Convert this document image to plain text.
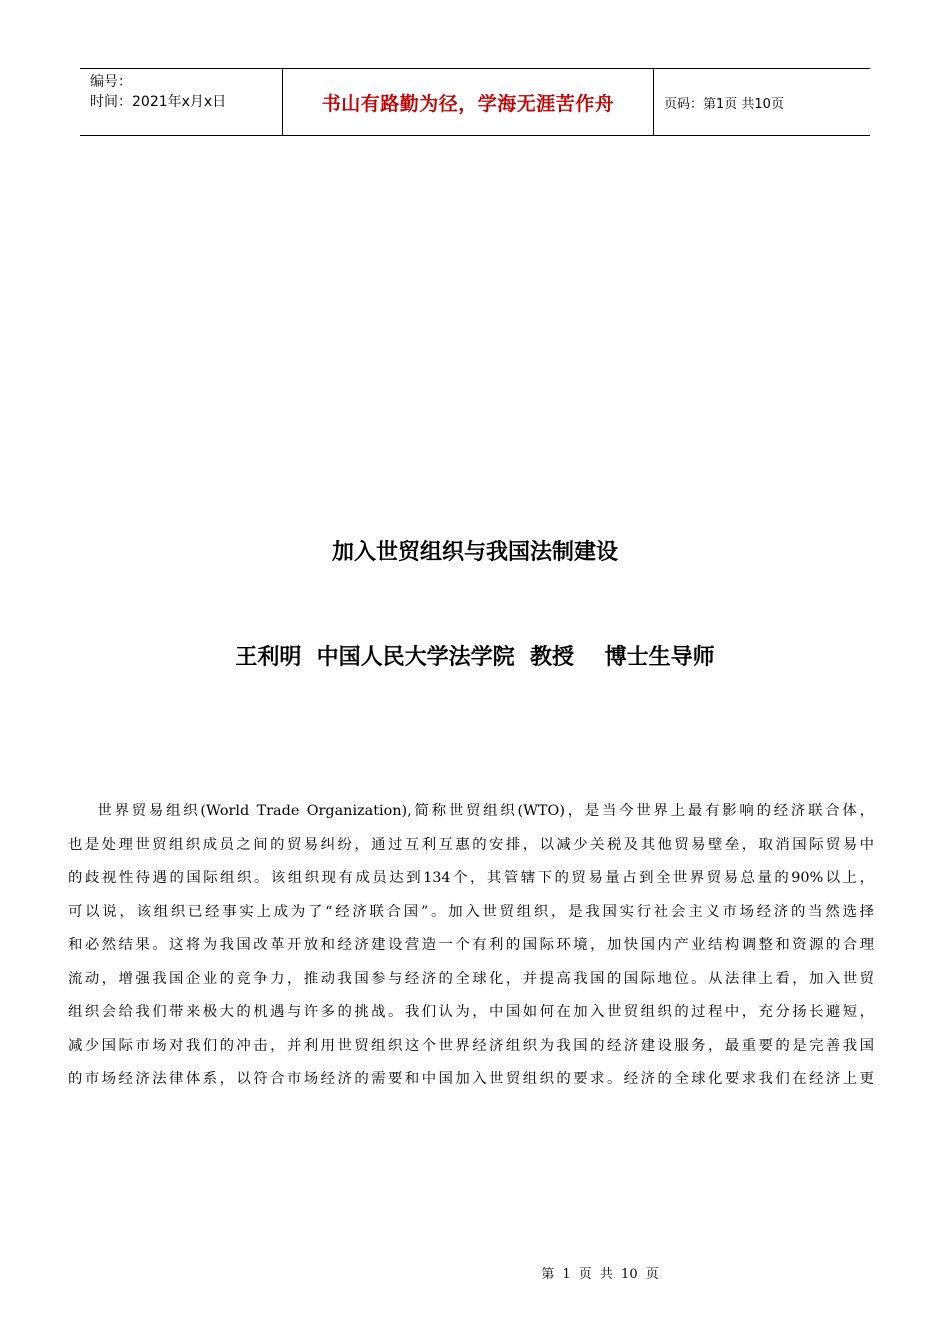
编号：
时间：2021年x月x日	书山有路勤为径，学海无涯苦作舟	页码：第1页 共10页
加入世贸组织与我国法制建设
王利明  中国人民大学法学院  教授    博士生导师
世界贸易组织(World Trade Organization),简称世贸组织(WTO)，是当今世界上最有影响的经济联合体，
也是处理世贸组织成员之间的贸易纠纷，通过互利互惠的安排，以减少关税及其他贸易壁垒，取消国际贸易中
的歧视性待遇的国际组织。该组织现有成员达到134个，其管辖下的贸易量占到全世界贸易总量的90%以上，
可以说，该组织已经事实上成为了“经济联合国”。加入世贸组织，是我国实行社会主义市场经济的当然选择
和必然结果。这将为我国改革开放和经济建设营造一个有利的国际环境，加快国内产业结构调整和资源的合理
流动，增强我国企业的竞争力，推动我国参与经济的全球化，并提高我国的国际地位。从法律上看，加入世贸
组织会给我们带来极大的机遇与许多的挑战。我们认为，中国如何在加入世贸组织的过程中，充分扬长避短，
减少国际市场对我们的冲击，并利用世贸组织这个世界经济组织为我国的经济建设服务，最重要的是完善我国
的市场经济法律体系，以符合市场经济的需要和中国加入世贸组织的要求。经济的全球化要求我们在经济上更
第 1 页 共 10 页
